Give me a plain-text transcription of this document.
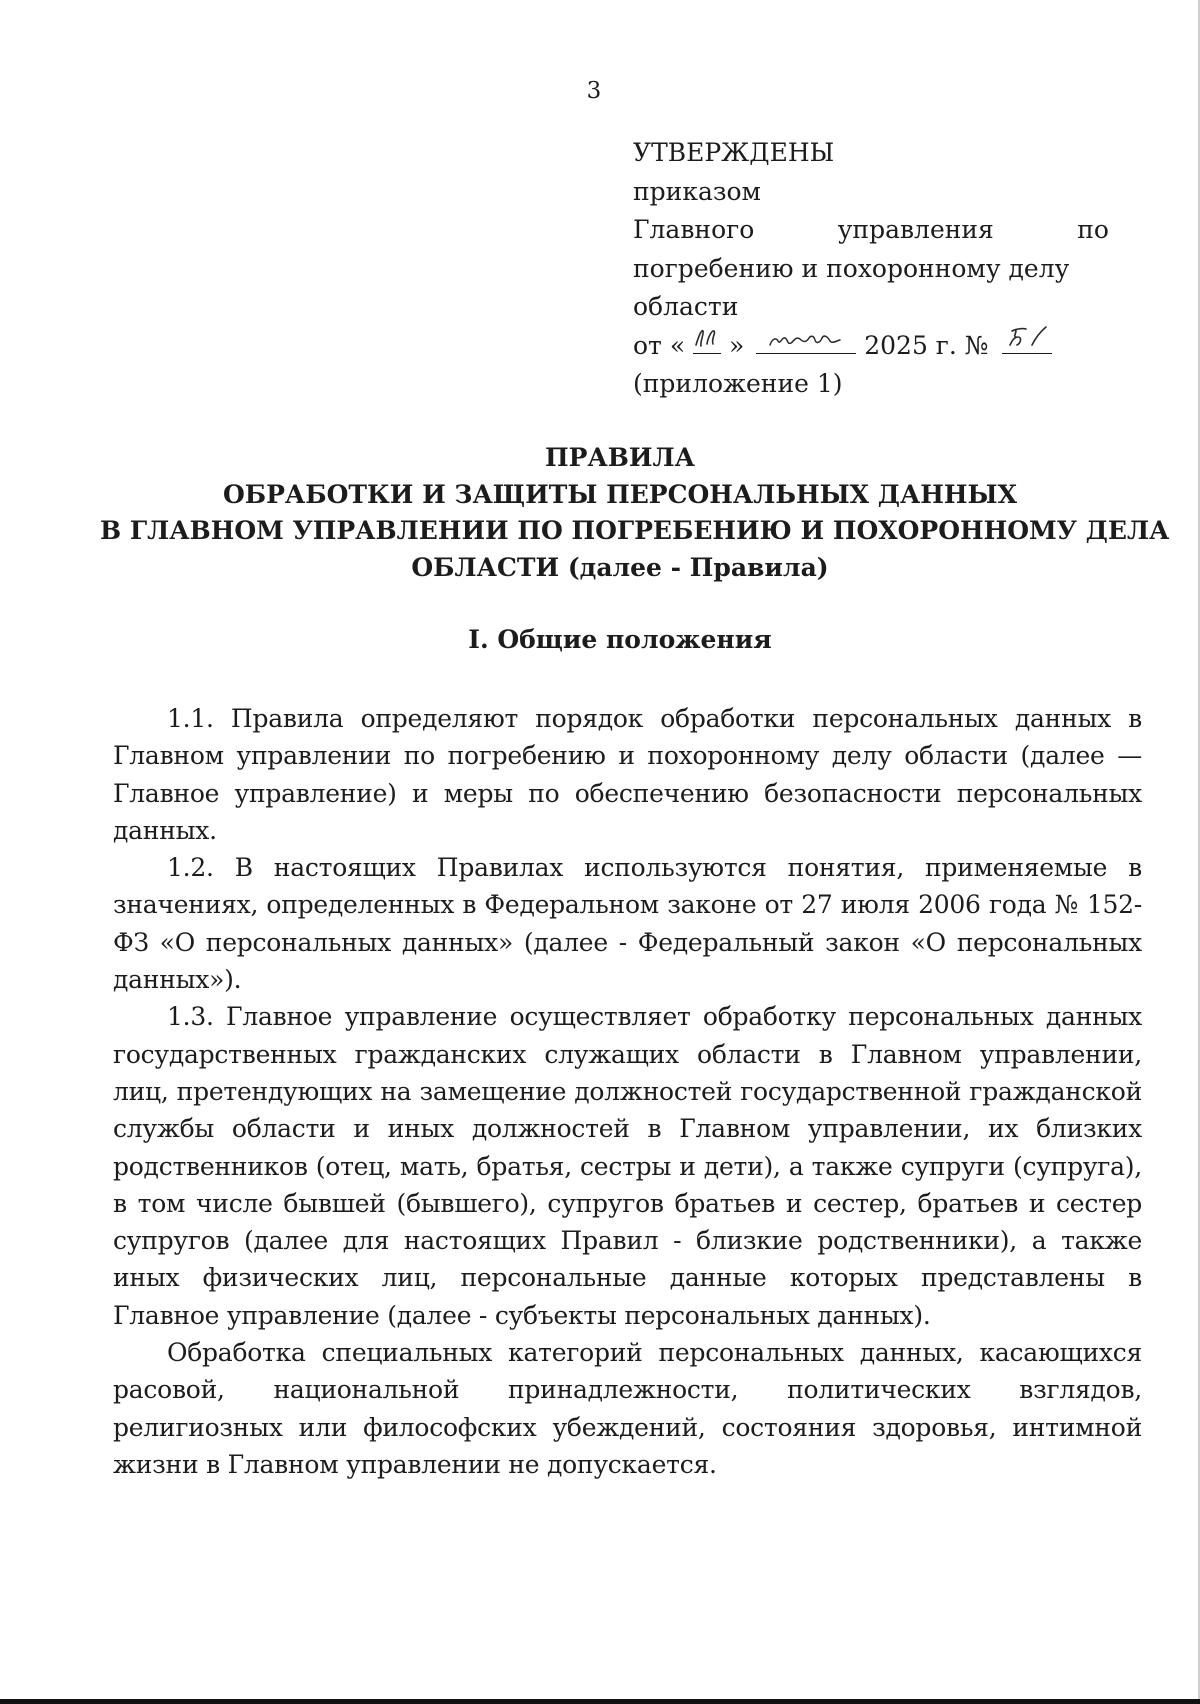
3
УТВЕРЖДЕНЫ
приказом
Главного	управления	по
погребению и похоронному делу
области
от « »	2025 г. №
(приложение 1)
ПРАВИЛА
ОБРАБОТКИ И ЗАЩИТЫ ПЕРСОНАЛЬНЫХ ДАННЫХ
В ГЛАВНОМ УПРАВЛЕНИИ ПО ПОГРЕБЕНИЮ И ПОХОРОННОМУ ДЕЛА
ОБЛАСТИ (далее - Правила)
I. Общие положения

1.1. Правила определяют порядок обработки персональных данных в Главном управлении по погребению и похоронному делу области (далее — Главное управление) и меры по обеспечению безопасности персональных данных.

1.2. В настоящих Правилах используются понятия, применяемые в значениях, определенных в Федеральном законе от 27 июля 2006 года № 152-ФЗ «О персональных данных» (далее - Федеральный закон «О персональных данных»).

1.3. Главное управление осуществляет обработку персональных данных государственных гражданских служащих области в Главном управлении, лиц, претендующих на замещение должностей государственной гражданской службы области и иных должностей в Главном управлении, их близких родственников (отец, мать, братья, сестры и дети), а также супруги (супруга), в том числе бывшей (бывшего), супругов братьев и сестер, братьев и сестер супругов (далее для настоящих Правил - близкие родственники), а также иных физических лиц, персональные данные которых представлены в Главное управление (далее - субъекты персональных данных).

Обработка специальных категорий персональных данных, касающихся расовой, национальной принадлежности, политических взглядов, религиозных или философских убеждений, состояния здоровья, интимной жизни в Главном управлении не допускается.
